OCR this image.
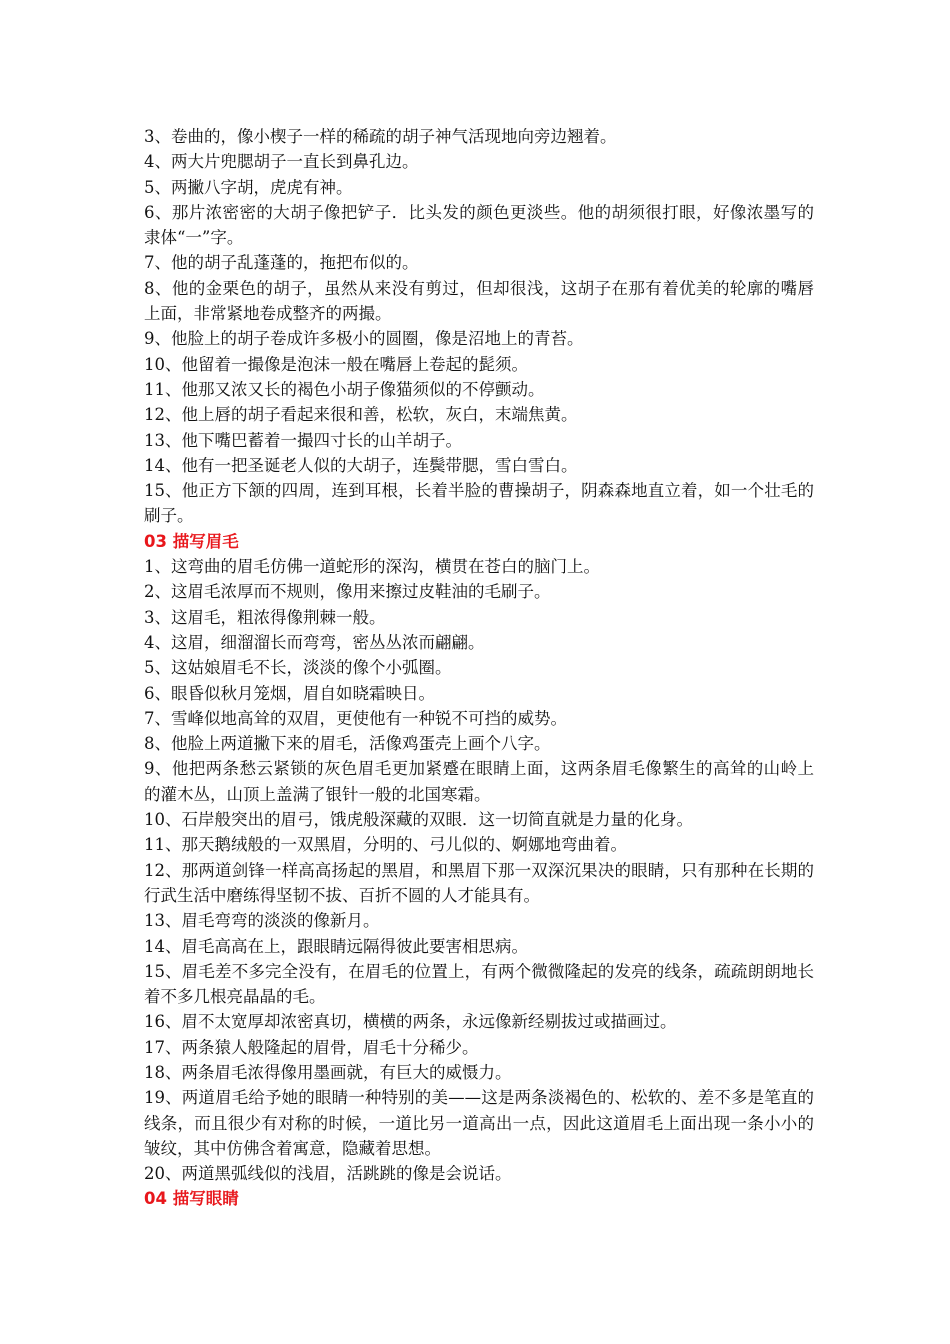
3、卷曲的，像小楔子一样的稀疏的胡子神气活现地向旁边翘着。

4、两大片兜腮胡子一直长到鼻孔边。

5、两撇八字胡，虎虎有神。

6、那片浓密密的大胡子像把铲子．比头发的颜色更淡些。他的胡须很打眼，好像浓墨写的隶体“一”字。

7、他的胡子乱蓬蓬的，拖把布似的。

8、他的金栗色的胡子，虽然从来没有剪过，但却很浅，这胡子在那有着优美的轮廓的嘴唇上面，非常紧地卷成整齐的两撮。

9、他脸上的胡子卷成许多极小的圆圈，像是沼地上的青苔。

10、他留着一撮像是泡沫一般在嘴唇上卷起的髭须。

11、他那又浓又长的褐色小胡子像猫须似的不停颤动。

12、他上唇的胡子看起来很和善，松软，灰白，末端焦黄。

13、他下嘴巴蓄着一撮四寸长的山羊胡子。

14、他有一把圣诞老人似的大胡子，连鬓带腮，雪白雪白。

15、他正方下颔的四周，连到耳根，长着半脸的曹操胡子，阴森森地直立着，如一个壮毛的刷子。

03 描写眉毛

1、这弯曲的眉毛仿佛一道蛇形的深沟，横贯在苍白的脑门上。

2、这眉毛浓厚而不规则，像用来擦过皮鞋油的毛刷子。

3、这眉毛，粗浓得像荆棘一般。

4、这眉，细溜溜长而弯弯，密丛丛浓而翩翩。

5、这姑娘眉毛不长，淡淡的像个小弧圈。

6、眼昏似秋月笼烟，眉自如晓霜映日。

7、雪峰似地高耸的双眉，更使他有一种锐不可挡的威势。

8、他脸上两道撇下来的眉毛，活像鸡蛋壳上画个八字。

9、他把两条愁云紧锁的灰色眉毛更加紧蹙在眼睛上面，这两条眉毛像繁生的高耸的山岭上的灌木丛，山顶上盖满了银针一般的北国寒霜。

10、石岸般突出的眉弓，饿虎般深藏的双眼．这一切简直就是力量的化身。

11、那天鹅绒般的一双黑眉，分明的、弓儿似的、婀娜地弯曲着。

12、那两道剑锋一样高高扬起的黑眉，和黑眉下那一双深沉果决的眼睛，只有那种在长期的行武生活中磨练得坚韧不拔、百折不圆的人才能具有。

13、眉毛弯弯的淡淡的像新月。

14、眉毛高高在上，跟眼睛远隔得彼此要害相思病。

15、眉毛差不多完全没有，在眉毛的位置上，有两个微微隆起的发亮的线条，疏疏朗朗地长着不多几根亮晶晶的毛。

16、眉不太宽厚却浓密真切，横横的两条，永远像新经剔拔过或描画过。

17、两条猿人般隆起的眉骨，眉毛十分稀少。

18、两条眉毛浓得像用墨画就，有巨大的威慑力。

19、两道眉毛给予她的眼睛一种特别的美——这是两条淡褐色的、松软的、差不多是笔直的线条，而且很少有对称的时候，一道比另一道高出一点，因此这道眉毛上面出现一条小小的皱纹，其中仿佛含着寓意，隐藏着思想。

20、两道黑弧线似的浅眉，活跳跳的像是会说话。

04 描写眼睛
